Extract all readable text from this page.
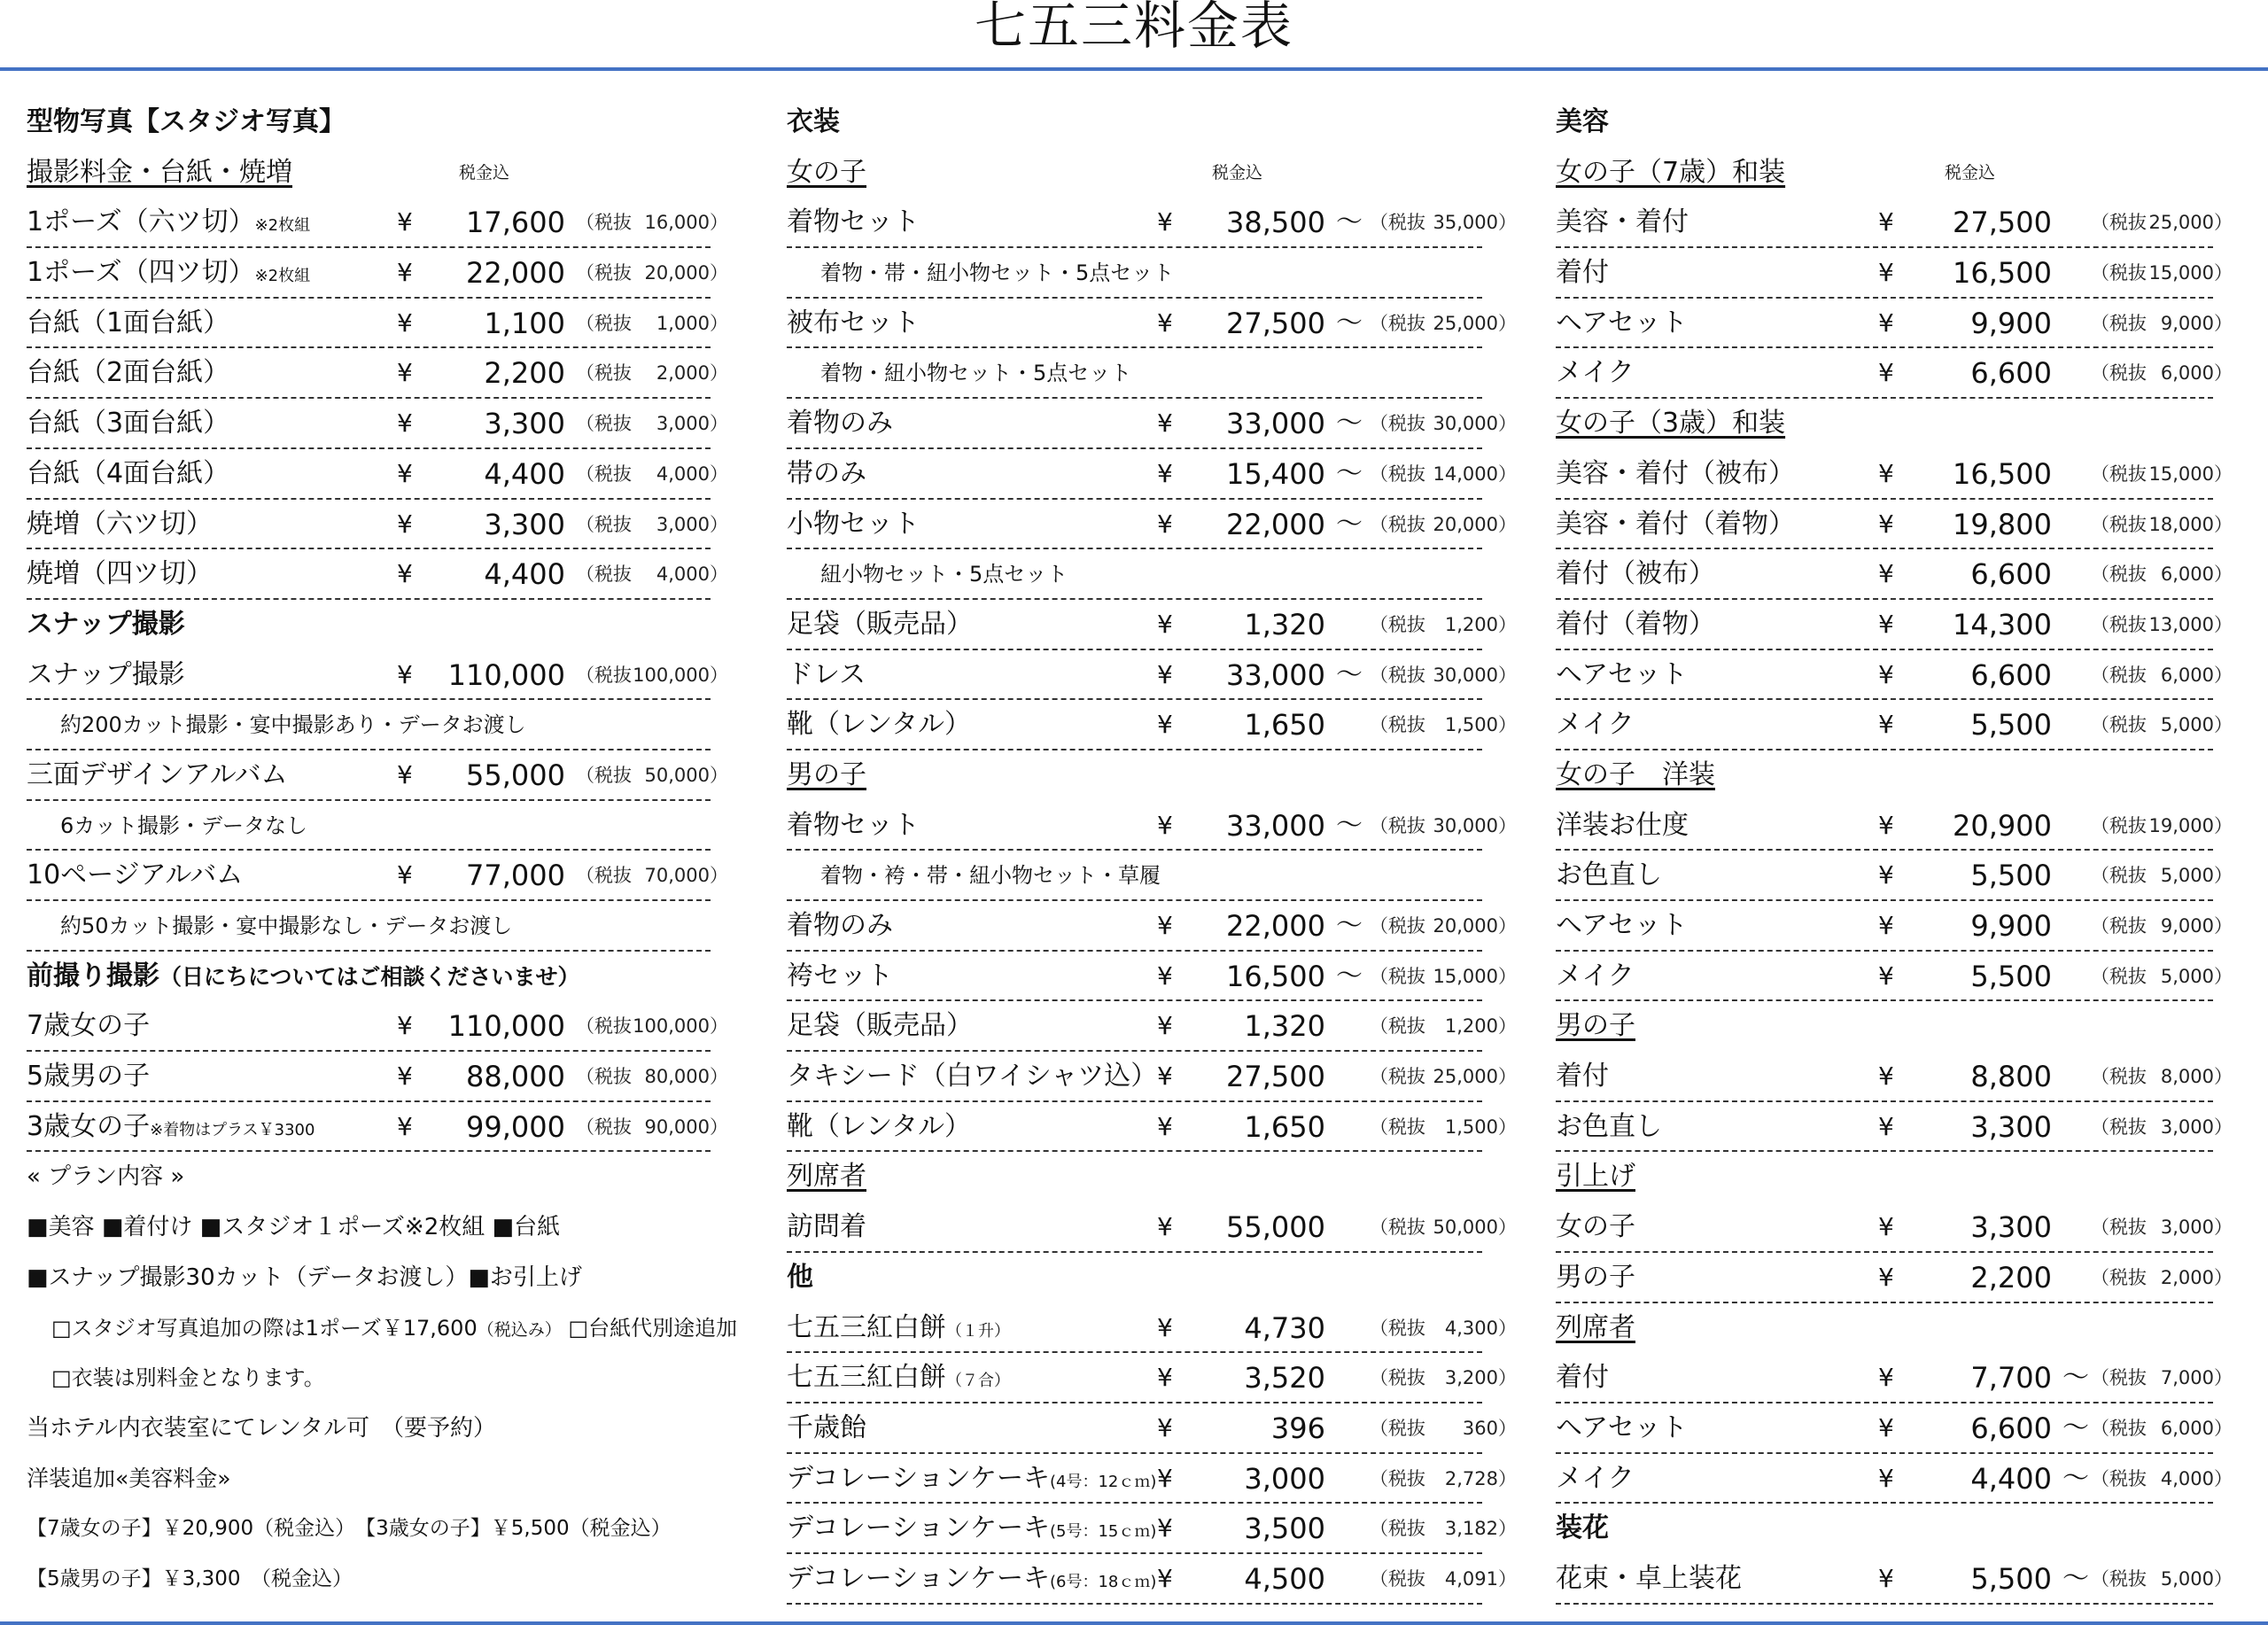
七五三料金表
型物写真【スタジオ写真】
撮影料金・台紙・焼増	税金込
1ポーズ（六ツ切）※2枚組	¥	17,600 （税抜 16,000）
1ポーズ（四ツ切）※2枚組	¥	22,000 （税抜 20,000）
台紙（1面台紙）	¥	1,100 （税抜 1,000）
台紙（2面台紙）	¥	2,200 （税抜 2,000）
台紙（3面台紙）	¥	3,300 （税抜 3,000）
台紙（4面台紙）	¥	4,400 （税抜 4,000）
焼増（六ツ切）	¥	3,300 （税抜 3,000）
焼増（四ツ切）	¥	4,400 （税抜 4,000）
スナップ撮影
スナップ撮影	¥	110,000 （税抜100,000）
約200カット撮影・宴中撮影あり・データお渡し
三面デザインアルバム	¥	55,000 （税抜 50,000）
6カット撮影・データなし
10ページアルバム	¥	77,000 （税抜 70,000）
約50カット撮影・宴中撮影なし・データお渡し
前撮り撮影（日にちについてはご相談くださいませ）
7歳女の子	¥	110,000 （税抜100,000）
5歳男の子	¥	88,000 （税抜 80,000）
3歳女の子※着物はプラス￥3300	¥	99,000 （税抜 90,000）
« プラン内容 »
■美容 ■着付け ■スタジオ１ポーズ※2枚組 ■台紙
■スナップ撮影30カット（データお渡し）■お引上げ
□スタジオ写真追加の際は1ポーズ￥17,600（税込み） □台紙代別途追加
□衣装は別料金となります。
当ホテル内衣装室にてレンタル可　（要予約）
洋装追加«美容料金»
【7歳女の子】￥20,900（税金込）　【3歳女の子】￥5,500（税金込）
【5歳男の子】￥3,300　（税金込）
衣装
女の子	税金込
着物セット	¥	38,500 ～ （税抜 35,000）
着物・帯・紐小物セット・5点セット
被布セット	¥	27,500 ～ （税抜 25,000）
着物・紐小物セット・5点セット
着物のみ	¥	33,000 ～ （税抜 30,000）
帯のみ	¥	15,400 ～ （税抜 14,000）
小物セット	¥	22,000 ～ （税抜 20,000）
紐小物セット・5点セット
足袋（販売品）	¥	1,320 （税抜 1,200）
ドレス	¥	33,000 ～ （税抜 30,000）
靴（レンタル）	¥	1,650 （税抜 1,500）
男の子
着物セット	¥	33,000 ～ （税抜 30,000）
着物・袴・帯・紐小物セット・草履
着物のみ	¥	22,000 ～ （税抜 20,000）
袴セット	¥	16,500 ～ （税抜 15,000）
足袋（販売品）	¥	1,320 （税抜 1,200）
タキシード（白ワイシャツ込） ¥	27,500 （税抜 25,000）
靴（レンタル）	¥	1,650 （税抜 1,500）
列席者
訪問着	¥	55,000 （税抜 50,000）
他
七五三紅白餅（１升）	¥	4,730 （税抜 4,300）
七五三紅白餅（７合）	¥	3,520 （税抜 3,200）
千歳飴	¥	396 （税抜 360）
デコレーションケーキ(4号：12ｃｍ) ¥	3,000 （税抜 2,728）
デコレーションケーキ(5号：15ｃｍ) ¥	3,500 （税抜 3,182）
デコレーションケーキ(6号：18ｃｍ) ¥	4,500 （税抜 4,091）
美容
女の子（7歳）和装	税金込
美容・着付	¥	27,500 （税抜 25,000）
着付	¥	16,500 （税抜 15,000）
ヘアセット	¥	9,900 （税抜 9,000）
メイク	¥	6,600 （税抜 6,000）
女の子（3歳）和装
美容・着付（被布）	¥	16,500 （税抜 15,000）
美容・着付（着物）	¥	19,800 （税抜 18,000）
着付（被布）	¥	6,600 （税抜 6,000）
着付（着物）	¥	14,300 （税抜 13,000）
ヘアセット	¥	6,600 （税抜 6,000）
メイク	¥	5,500 （税抜 5,000）
女の子　洋装
洋装お仕度	¥	20,900 （税抜 19,000）
お色直し	¥	5,500 （税抜 5,000）
ヘアセット	¥	9,900 （税抜 9,000）
メイク	¥	5,500 （税抜 5,000）
男の子
着付	¥	8,800 （税抜 8,000）
お色直し	¥	3,300 （税抜 3,000）
引上げ
女の子	¥	3,300 （税抜 3,000）
男の子	¥	2,200 （税抜 2,000）
列席者
着付	¥	7,700 ～ （税抜 7,000）
ヘアセット	¥	6,600 ～ （税抜 6,000）
メイク	¥	4,400 ～ （税抜 4,000）
装花
花束・卓上装花	¥	5,500 ～ （税抜 5,000）
